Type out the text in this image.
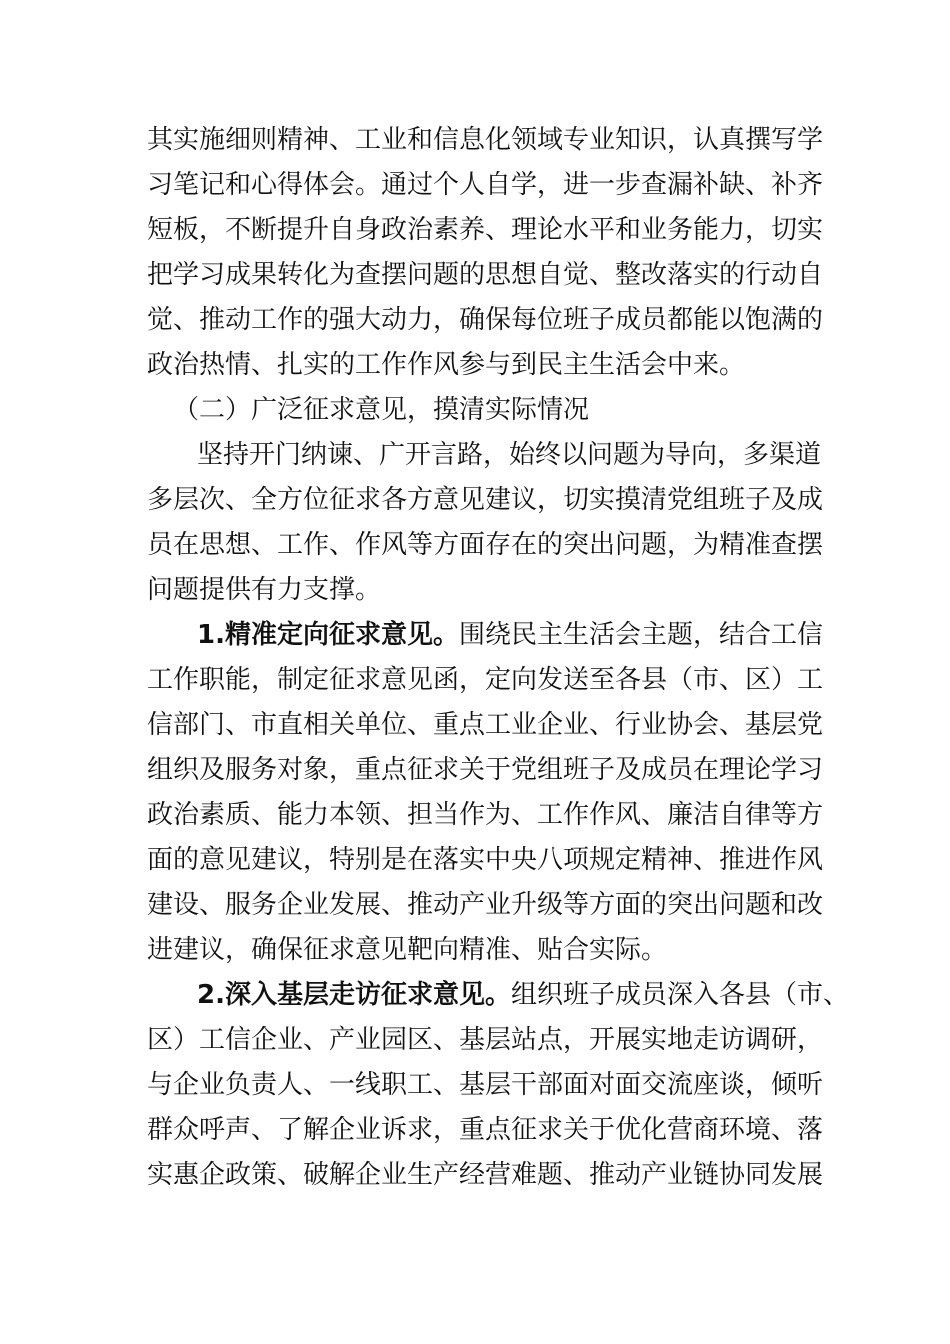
其实施细则精神、工业和信息化领域专业知识，认真撰写学
习笔记和心得体会。通过个人自学，进一步查漏补缺、补齐
短板，不断提升自身政治素养、理论水平和业务能力，切实
把学习成果转化为查摆问题的思想自觉、整改落实的行动自
觉、推动工作的强大动力，确保每位班子成员都能以饱满的
政治热情、扎实的工作作风参与到民主生活会中来。
（二）广泛征求意见，摸清实际情况
坚持开门纳谏、广开言路，始终以问题为导向，多渠道
多层次、全方位征求各方意见建议，切实摸清党组班子及成
员在思想、工作、作风等方面存在的突出问题，为精准查摆
问题提供有力支撑。
1.精准定向征求意见。围绕民主生活会主题，结合工信
工作职能，制定征求意见函，定向发送至各县（市、区）工
信部门、市直相关单位、重点工业企业、行业协会、基层党
组织及服务对象，重点征求关于党组班子及成员在理论学习
政治素质、能力本领、担当作为、工作作风、廉洁自律等方
面的意见建议，特别是在落实中央八项规定精神、推进作风
建设、服务企业发展、推动产业升级等方面的突出问题和改
进建议，确保征求意见靶向精准、贴合实际。
2.深入基层走访征求意见。组织班子成员深入各县（市、
区）工信企业、产业园区、基层站点，开展实地走访调研，
与企业负责人、一线职工、基层干部面对面交流座谈，倾听
群众呼声、了解企业诉求，重点征求关于优化营商环境、落
实惠企政策、破解企业生产经营难题、推动产业链协同发展
